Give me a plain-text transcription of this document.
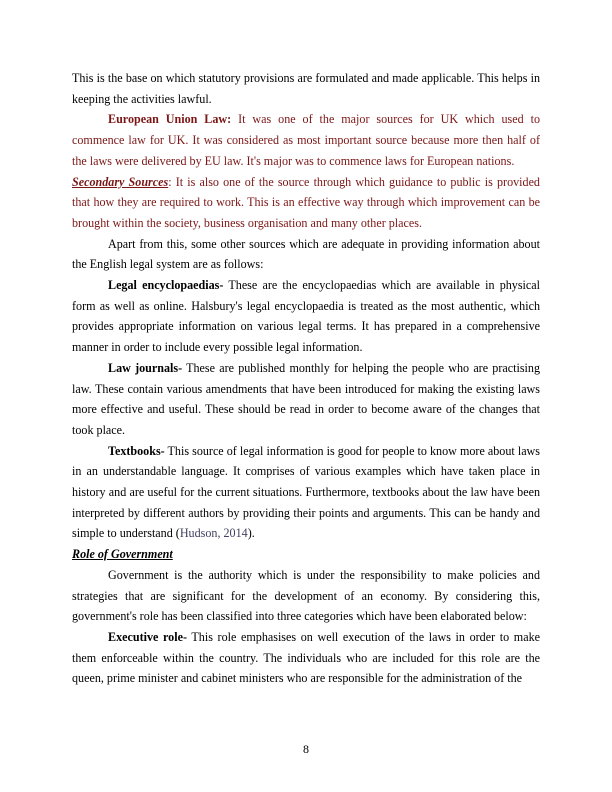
This is the base on which statutory provisions are formulated and made applicable. This helps in keeping the activities lawful.

European Union Law: It was one of the major sources for UK which used to commence law for UK. It was considered as most important source because more then half of the laws were delivered by EU law. It's major was to commence laws for European nations.

Secondary Sources: It is also one of the source through which guidance to public is provided that how they are required to work. This is an effective way through which improvement can be brought within the society, business organisation and many other places.

Apart from this, some other sources which are adequate in providing information about the English legal system are as follows:

Legal encyclopaedias- These are the encyclopaedias which are available in physical form as well as online. Halsbury's legal encyclopaedia is treated as the most authentic, which provides appropriate information on various legal terms. It has prepared in a comprehensive manner in order to include every possible legal information.

Law journals- These are published monthly for helping the people who are practising law. These contain various amendments that have been introduced for making the existing laws more effective and useful. These should be read in order to become aware of the changes that took place.

Textbooks- This source of legal information is good for people to know more about laws in an understandable language. It comprises of various examples which have taken place in history and are useful for the current situations. Furthermore, textbooks about the law have been interpreted by different authors by providing their points and arguments. This can be handy and simple to understand (Hudson, 2014).

Role of Government

Government is the authority which is under the responsibility to make policies and strategies that are significant for the development of an economy. By considering this, government's role has been classified into three categories which have been elaborated below:

Executive role- This role emphasises on well execution of the laws in order to make them enforceable within the country. The individuals who are included for this role are the queen, prime minister and cabinet ministers who are responsible for the administration of the

8
